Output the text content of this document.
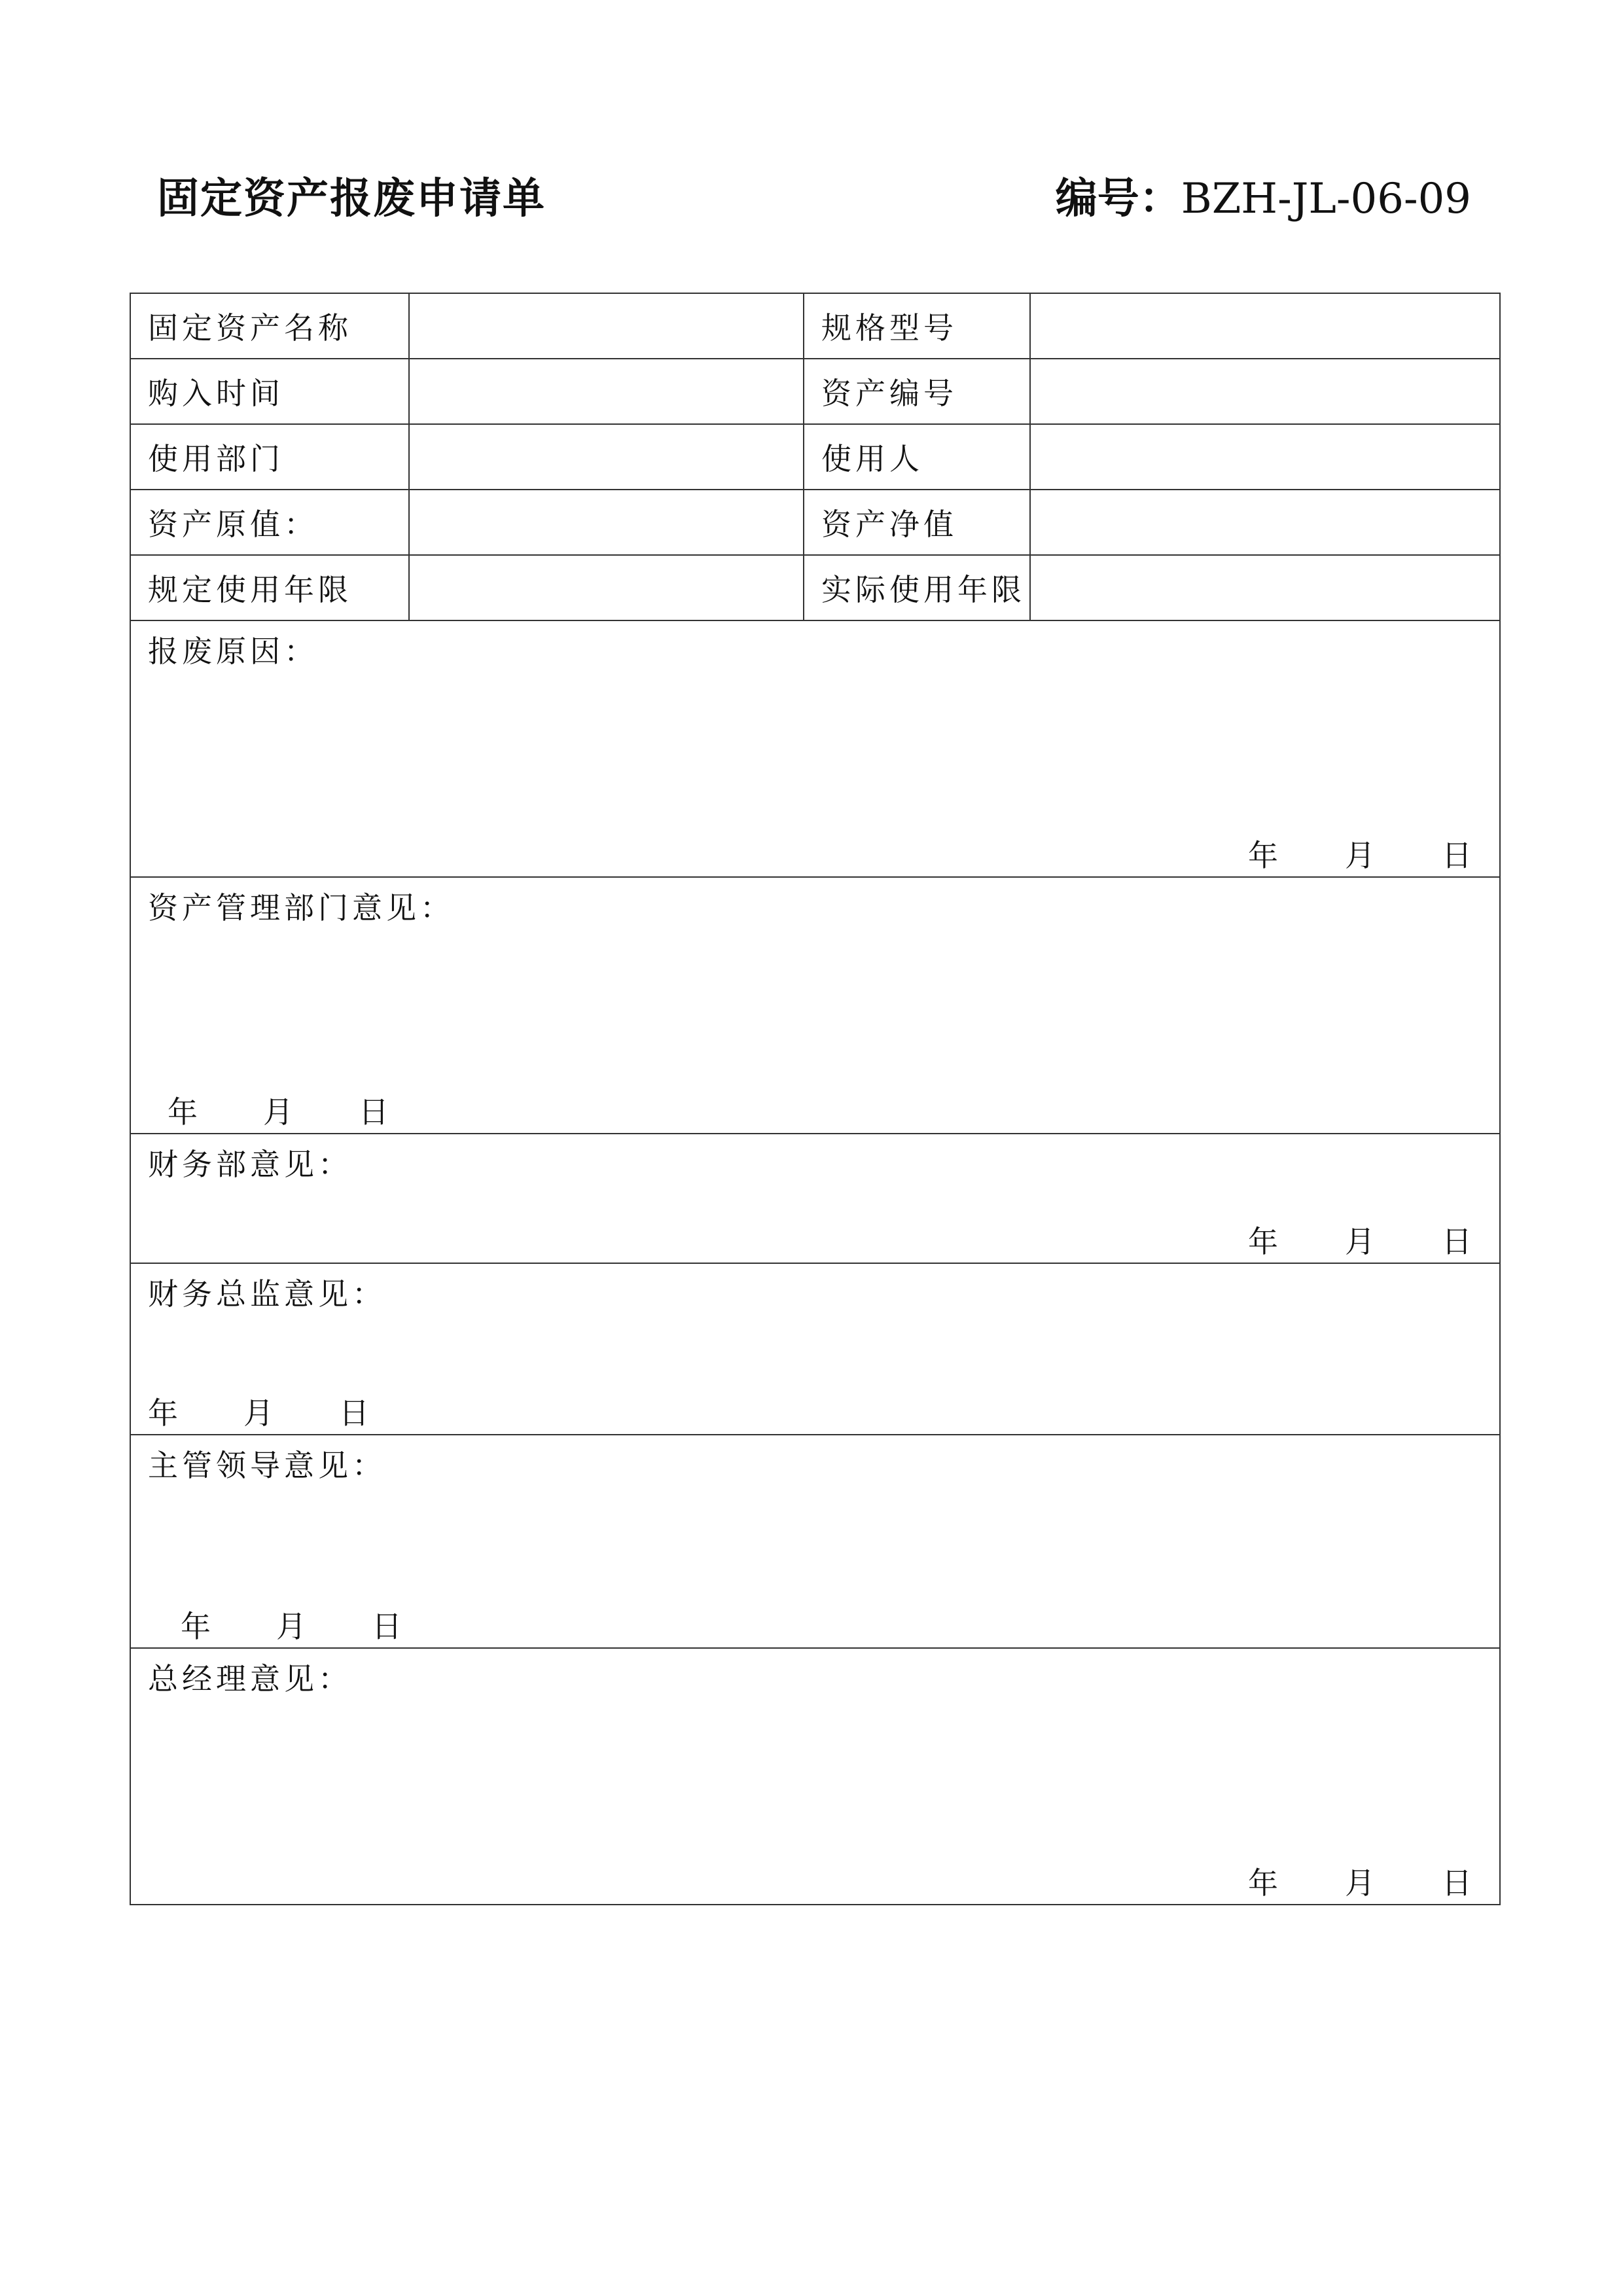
固定资产报废申请单	编号：BZH-JL-06-09
固定资产名称		规格型号	
购入时间		资产编号	
使用部门		使用人	
资产原值：		资产净值	
规定使用年限		实际使用年限	

报废原因：
年 月 日			

资产管理部门意见：
年 月 日			

财务部意见：
年 月 日			

财务总监意见：
年 月 日			

主管领导意见：
年 月 日			

总经理意见：
年 月 日			
